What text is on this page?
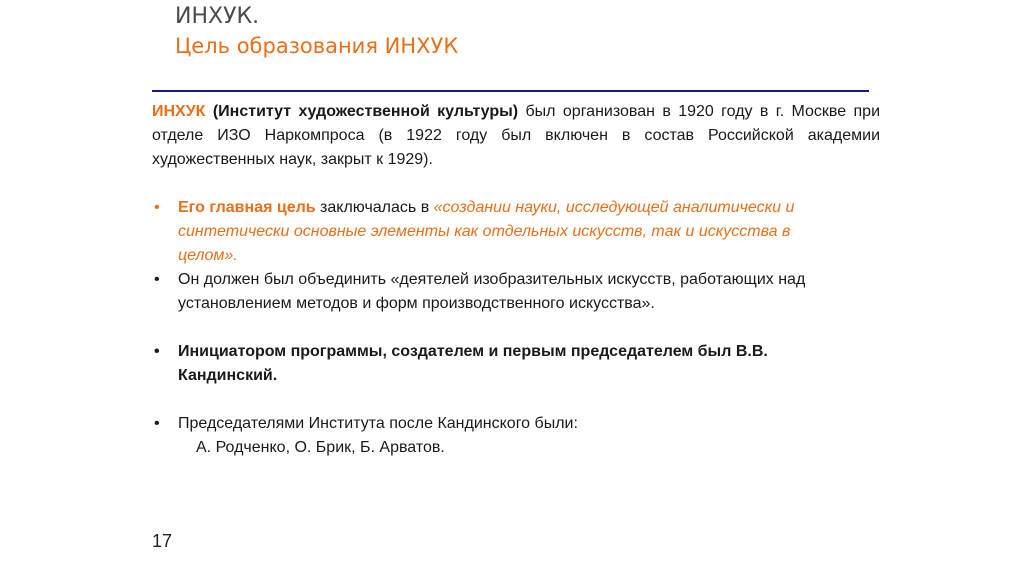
ИНХУК.
Цель образования ИНХУК

ИНХУК (Институт художественной культуры) был организован в 1920 году в г. Москве при отделе ИЗО Наркомпроса (в 1922 году был включен в состав Российской академии художественных наук, закрыт к 1929).

• Его главная цель заключалась в «создании науки, исследующей аналитически и синтетически основные элементы как отдельных искусств, так и искусства в целом».

• Он должен был объединить «деятелей изобразительных искусств, работающих над установлением методов и форм производственного искусства».

• Инициатором программы, создателем и первым председателем был В.В. Кандинский.

• Председателями Института после Кандинского были:

А. Родченко, О. Брик, Б. Арватов.

17
